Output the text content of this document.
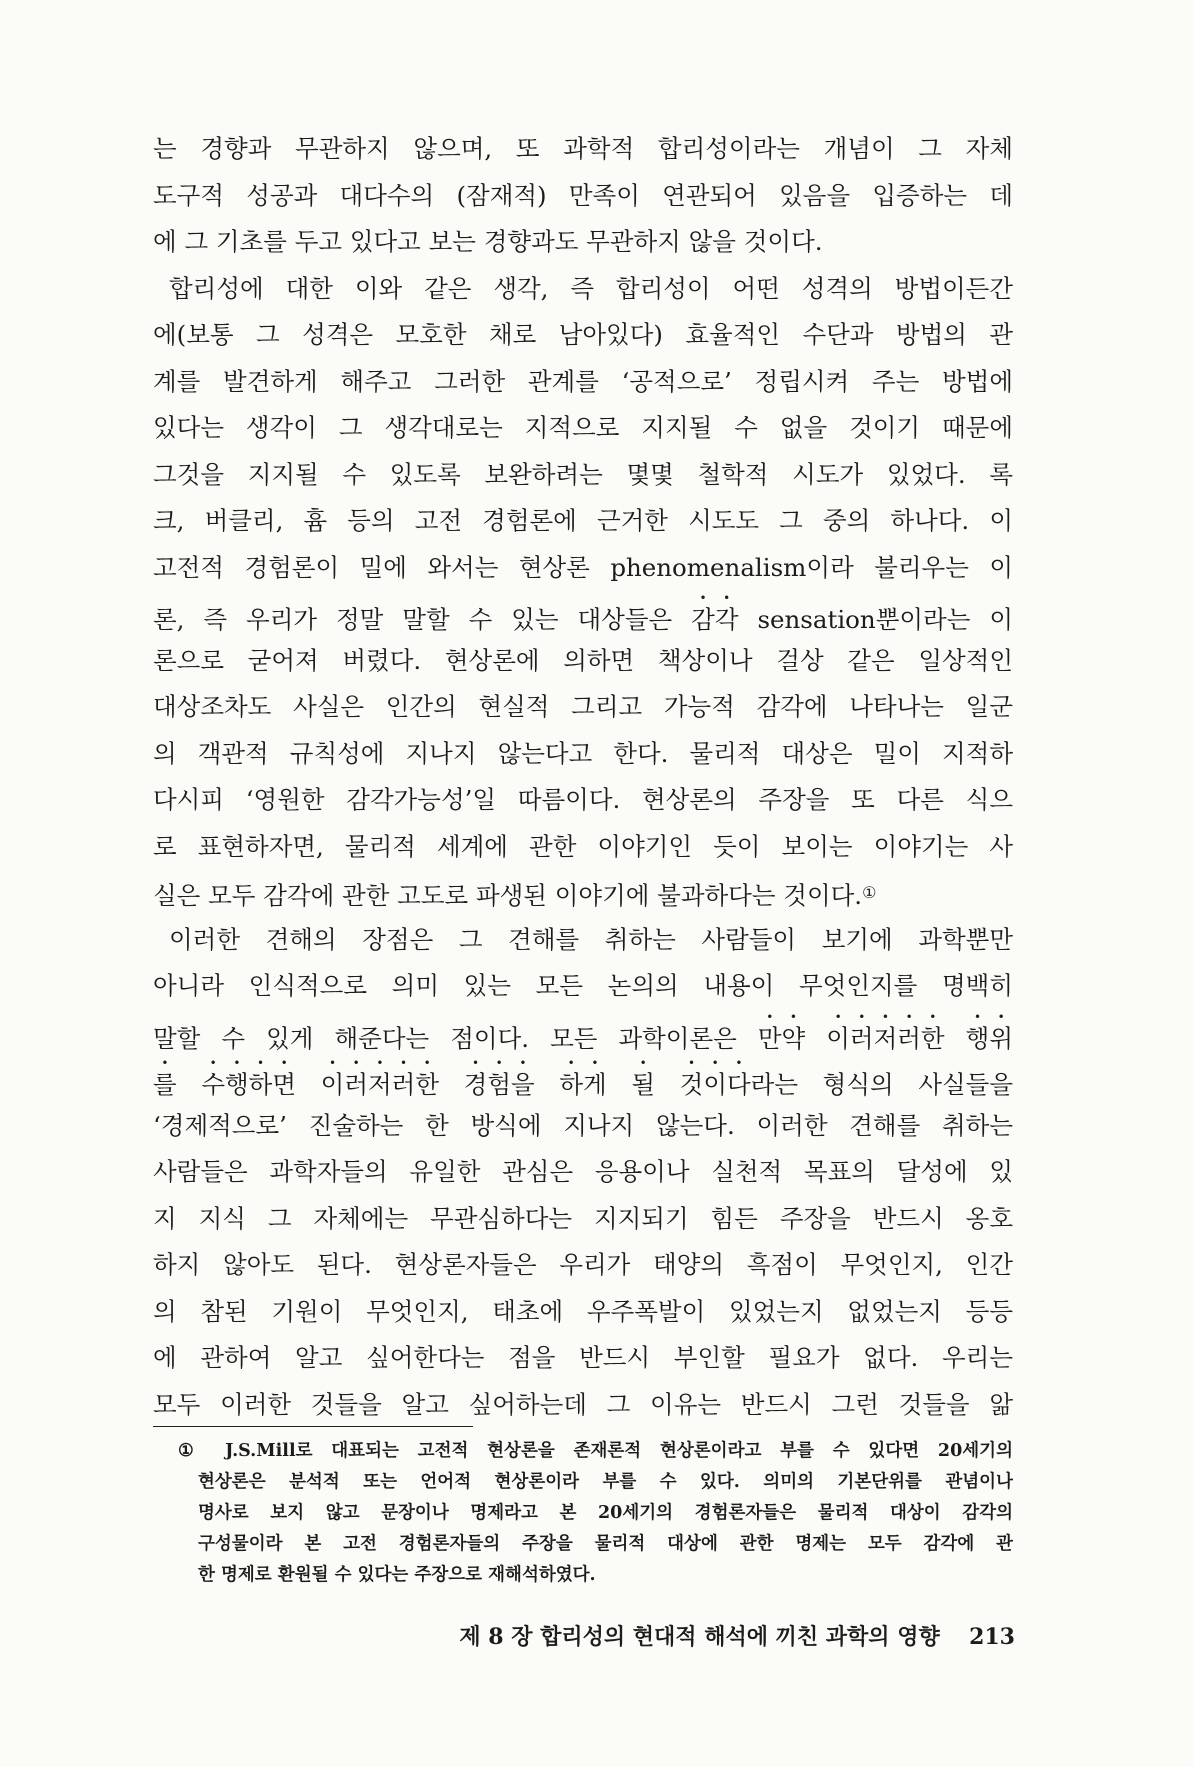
는 경향과 무관하지 않으며, 또 과학적 합리성이라는 개념이 그 자체
도구적 성공과 대다수의 (잠재적) 만족이 연관되어 있음을 입증하는 데
에 그 기초를 두고 있다고 보는 경향과도 무관하지 않을 것이다.
합리성에 대한 이와 같은 생각, 즉 합리성이 어떤 성격의 방법이든간
에(보통 그 성격은 모호한 채로 남아있다) 효율적인 수단과 방법의 관
계를 발견하게 해주고 그러한 관계를 ‘공적으로’ 정립시켜 주는 방법에
있다는 생각이 그 생각대로는 지적으로 지지될 수 없을 것이기 때문에
그것을 지지될 수 있도록 보완하려는 몇몇 철학적 시도가 있었다. 록
크, 버클리, 흄 등의 고전 경험론에 근거한 시도도 그 중의 하나다. 이
고전적 경험론이 밀에 와서는 현상론 phenomenalism이라 불리우는 이
론, 즉 우리가 정말 말할 수 있는 대상들은 감각 sensation뿐이라는 이
론으로 굳어져 버렸다. 현상론에 의하면 책상이나 걸상 같은 일상적인
대상조차도 사실은 인간의 현실적 그리고 가능적 감각에 나타나는 일군
의 객관적 규칙성에 지나지 않는다고 한다. 물리적 대상은 밀이 지적하
다시피 ‘영원한 감각가능성’일 따름이다. 현상론의 주장을 또 다른 식으
로 표현하자면, 물리적 세계에 관한 이야기인 듯이 보이는 이야기는 사
실은 모두 감각에 관한 고도로 파생된 이야기에 불과하다는 것이다.①
이러한 견해의 장점은 그 견해를 취하는 사람들이 보기에 과학뿐만
아니라 인식적으로 의미 있는 모든 논의의 내용이 무엇인지를 명백히
말할 수 있게 해준다는 점이다. 모든 과학이론은 만약 이러저러한 행위
를 수행하면 이러저러한 경험을 하게 될 것이다라는 형식의 사실들을
‘경제적으로’ 진술하는 한 방식에 지나지 않는다. 이러한 견해를 취하는
사람들은 과학자들의 유일한 관심은 응용이나 실천적 목표의 달성에 있
지 지식 그 자체에는 무관심하다는 지지되기 힘든 주장을 반드시 옹호
하지 않아도 된다. 현상론자들은 우리가 태양의 흑점이 무엇인지, 인간
의 참된 기원이 무엇인지, 태초에 우주폭발이 있었는지 없었는지 등등
에 관하여 알고 싶어한다는 점을 반드시 부인할 필요가 없다. 우리는
모두 이러한 것들을 알고 싶어하는데 그 이유는 반드시 그런 것들을 앎
① J.S.Mill로 대표되는 고전적 현상론을 존재론적 현상론이라고 부를 수 있다면 20세기의
현상론은 분석적 또는 언어적 현상론이라 부를 수 있다. 의미의 기본단위를 관념이나
명사로 보지 않고 문장이나 명제라고 본 20세기의 경험론자들은 물리적 대상이 감각의
구성물이라 본 고전 경험론자들의 주장을 물리적 대상에 관한 명제는 모두 감각에 관
한 명제로 환원될 수 있다는 주장으로 재해석하였다.
제 8 장 합리성의 현대적 해석에 끼친 과학의 영향 213
